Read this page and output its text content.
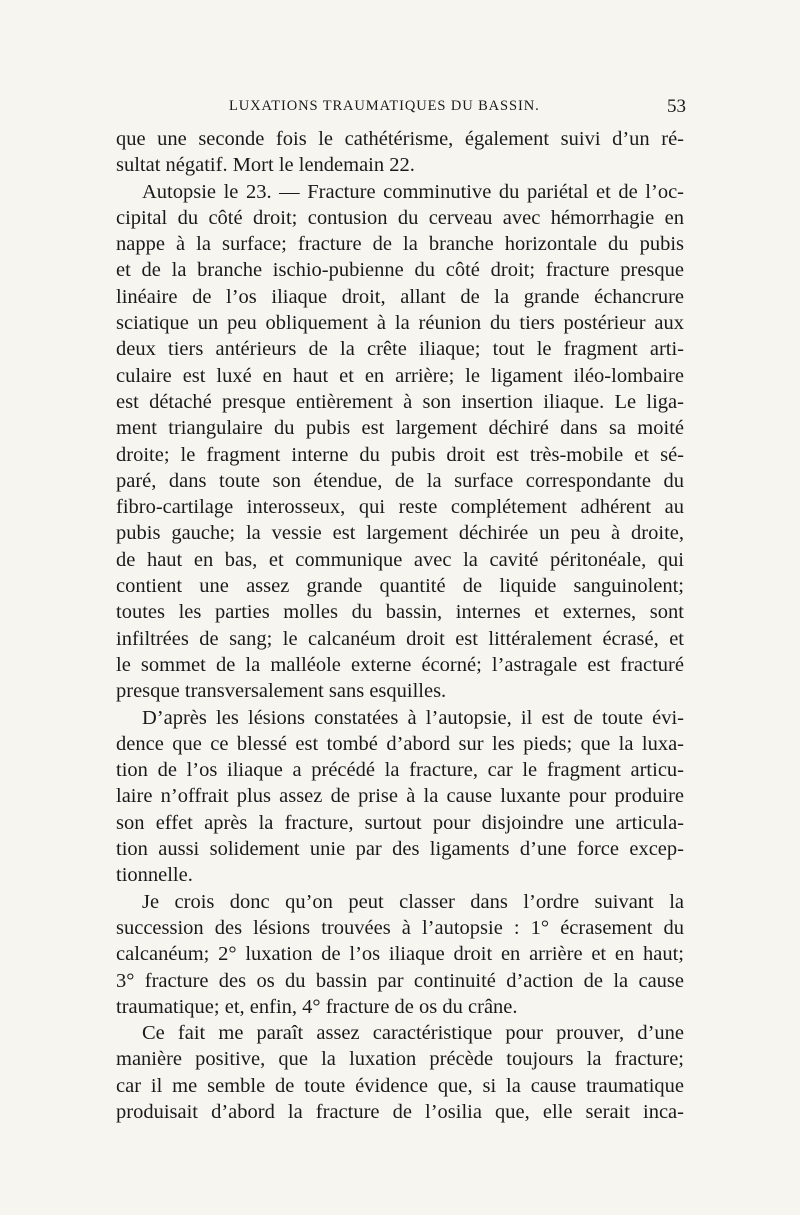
LUXATIONS TRAUMATIQUES DU BASSIN.	53
que une seconde fois le cathétérisme, également suivi d’un ré-
sultat négatif. Mort le lendemain 22.
Autopsie le 23. — Fracture comminutive du pariétal et de l’oc-
cipital du côté droit; contusion du cerveau avec hémorrhagie en
nappe à la surface; fracture de la branche horizontale du pubis
et de la branche ischio-pubienne du côté droit; fracture presque
linéaire de l’os iliaque droit, allant de la grande échancrure
sciatique un peu obliquement à la réunion du tiers postérieur aux
deux tiers antérieurs de la crête iliaque; tout le fragment arti-
culaire est luxé en haut et en arrière; le ligament iléo-lombaire
est détaché presque entièrement à son insertion iliaque. Le liga-
ment triangulaire du pubis est largement déchiré dans sa moité
droite; le fragment interne du pubis droit est très-mobile et sé-
paré, dans toute son étendue, de la surface correspondante du
fibro-cartilage interosseux, qui reste complétement adhérent au
pubis gauche; la vessie est largement déchirée un peu à droite,
de haut en bas, et communique avec la cavité péritonéale, qui
contient une assez grande quantité de liquide sanguinolent;
toutes les parties molles du bassin, internes et externes, sont
infiltrées de sang; le calcanéum droit est littéralement écrasé, et
le sommet de la malléole externe écorné; l’astragale est fracturé
presque transversalement sans esquilles.
D’après les lésions constatées à l’autopsie, il est de toute évi-
dence que ce blessé est tombé d’abord sur les pieds; que la luxa-
tion de l’os iliaque a précédé la fracture, car le fragment articu-
laire n’offrait plus assez de prise à la cause luxante pour produire
son effet après la fracture, surtout pour disjoindre une articula-
tion aussi solidement unie par des ligaments d’une force excep-
tionnelle.
Je crois donc qu’on peut classer dans l’ordre suivant la
succession des lésions trouvées à l’autopsie : 1° écrasement du
calcanéum; 2° luxation de l’os iliaque droit en arrière et en haut;
3° fracture des os du bassin par continuité d’action de la cause
traumatique; et, enfin, 4° fracture de os du crâne.
Ce fait me paraît assez caractéristique pour prouver, d’une
manière positive, que la luxation précède toujours la fracture;
car il me semble de toute évidence que, si la cause traumatique
produisait d’abord la fracture de l’osilia que, elle serait inca-
